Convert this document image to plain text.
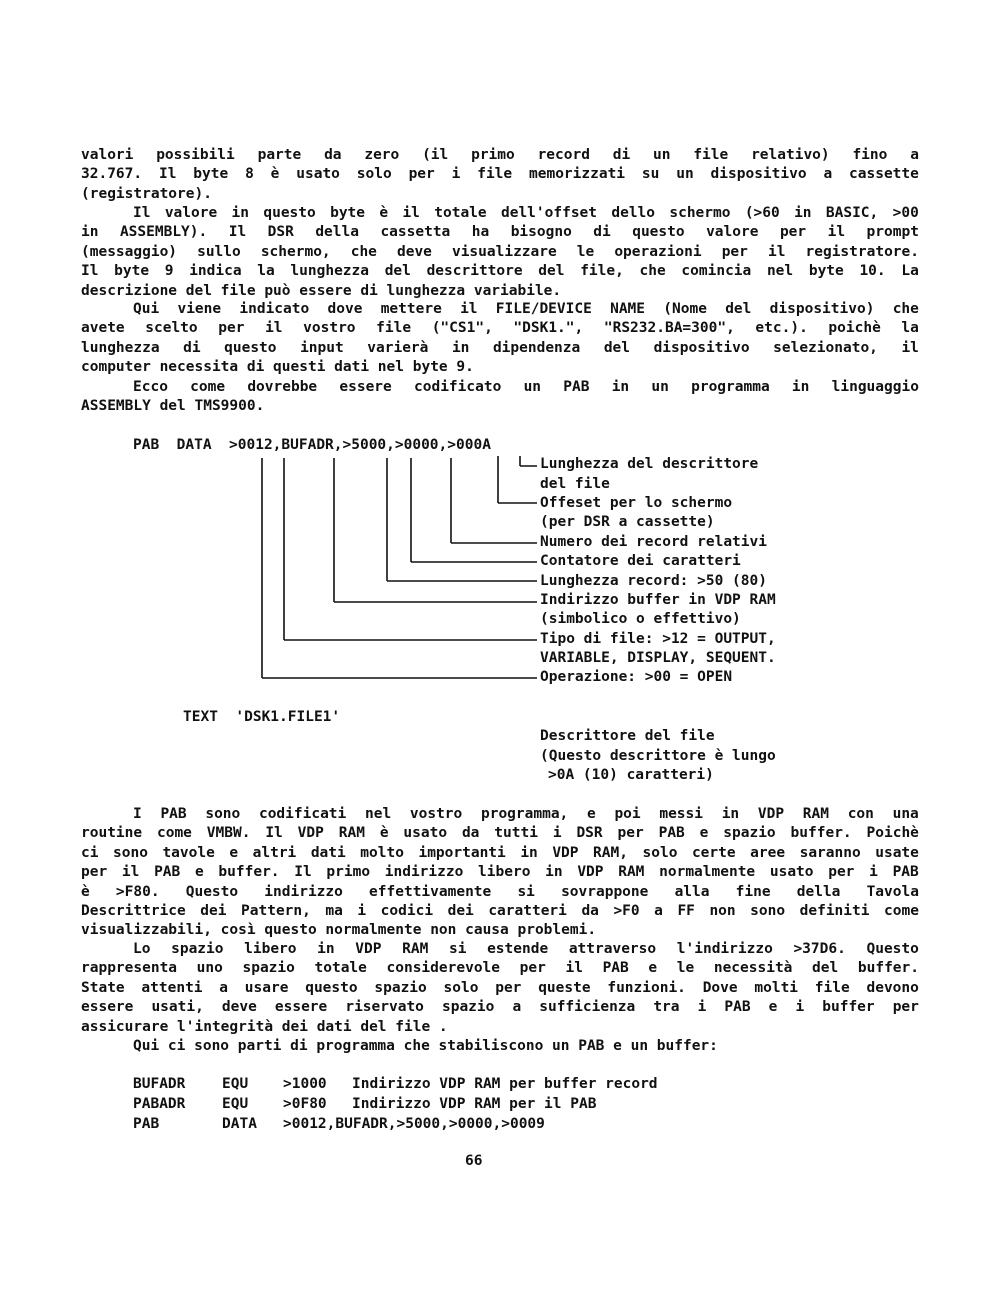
valori possibili parte da zero (il primo record di un file relativo) fino a
32.767. Il byte 8 è usato solo per i file memorizzati su un dispositivo a cassette
(registratore).
Il valore in questo byte è il totale dell'offset dello schermo (>60 in BASIC, >00
in ASSEMBLY). Il DSR della cassetta ha bisogno di questo valore per il prompt
(messaggio) sullo schermo, che deve visualizzare le operazioni per il registratore.
Il byte 9 indica la lunghezza del descrittore del file, che comincia nel byte 10. La
descrizione del file può essere di lunghezza variabile.
Qui viene indicato dove mettere il FILE/DEVICE NAME (Nome del dispositivo) che
avete scelto per il vostro file ("CS1", "DSK1.", "RS232.BA=300", etc.). poichè la
lunghezza di questo input varierà in dipendenza del dispositivo selezionato, il
computer necessita di questi dati nel byte 9.
Ecco come dovrebbe essere codificato un PAB in un programma in linguaggio
ASSEMBLY del TMS9900.
I PAB sono codificati nel vostro programma, e poi messi in VDP RAM con una
routine come VMBW. Il VDP RAM è usato da tutti i DSR per PAB e spazio buffer. Poichè
ci sono tavole e altri dati molto importanti in VDP RAM, solo certe aree saranno usate
per il PAB e buffer. Il primo indirizzo libero in VDP RAM normalmente usato per i PAB
è >F80. Questo indirizzo effettivamente si sovrappone alla fine della Tavola
Descrittrice dei Pattern, ma i codici dei caratteri da >F0 a FF non sono definiti come
visualizzabili, così questo normalmente non causa problemi.
Lo spazio libero in VDP RAM si estende attraverso l'indirizzo >37D6. Questo
rappresenta uno spazio totale considerevole per il PAB e le necessità del buffer.
State attenti a usare questo spazio solo per queste funzioni. Dove molti file devono
essere usati, deve essere riservato spazio a sufficienza tra i PAB e i buffer per
assicurare l'integrità dei dati del file .
Qui ci sono parti di programma che stabiliscono un PAB e un buffer:
PAB  DATA  >0012,BUFADR,>5000,>0000,>000A
Lunghezza del descrittore
del file
Offeset per lo schermo
(per DSR a cassette)
Numero dei record relativi
Contatore dei caratteri
Lunghezza record: >50 (80)
Indirizzo buffer in VDP RAM
(simbolico o effettivo)
Tipo di file: >12 = OUTPUT,
VARIABLE, DISPLAY, SEQUENT.
Operazione: >00 = OPEN
TEXT  'DSK1.FILE1'
Descrittore del file
(Questo descrittore è lungo
>0A (10) caratteri)
BUFADR	EQU >1000 Indirizzo VDP RAM per buffer record
PABADR	EQU >0F80 Indirizzo VDP RAM per il PAB
PAB	DATA >0012,BUFADR,>5000,>0000,>0009
66
